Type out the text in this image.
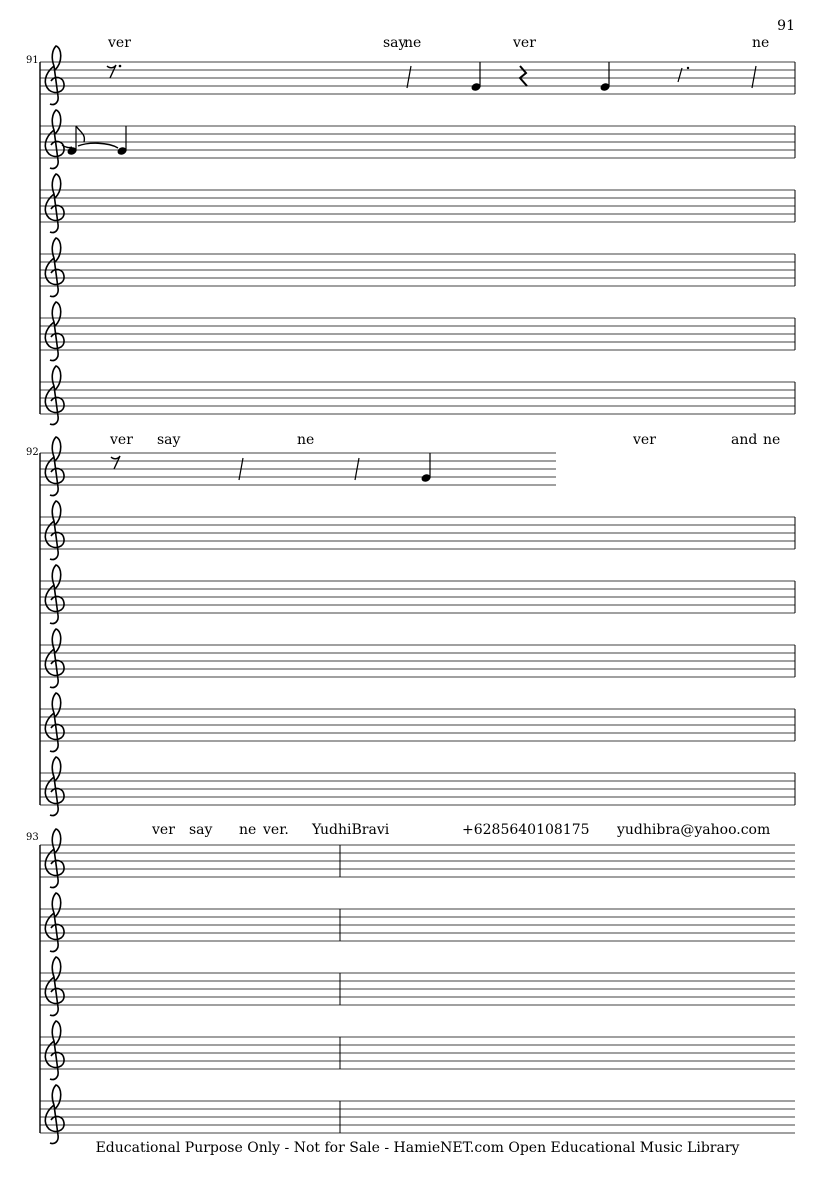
91
92
93
ver	say
ne	ver	ne
ver say	ne	ver	and ne
ver say ne ver. YudhiBravi	+6285640108175 yudhibra@yahoo.com
91
Educational Purpose Only - Not for Sale - HamieNET.com Open Educational Music Library
